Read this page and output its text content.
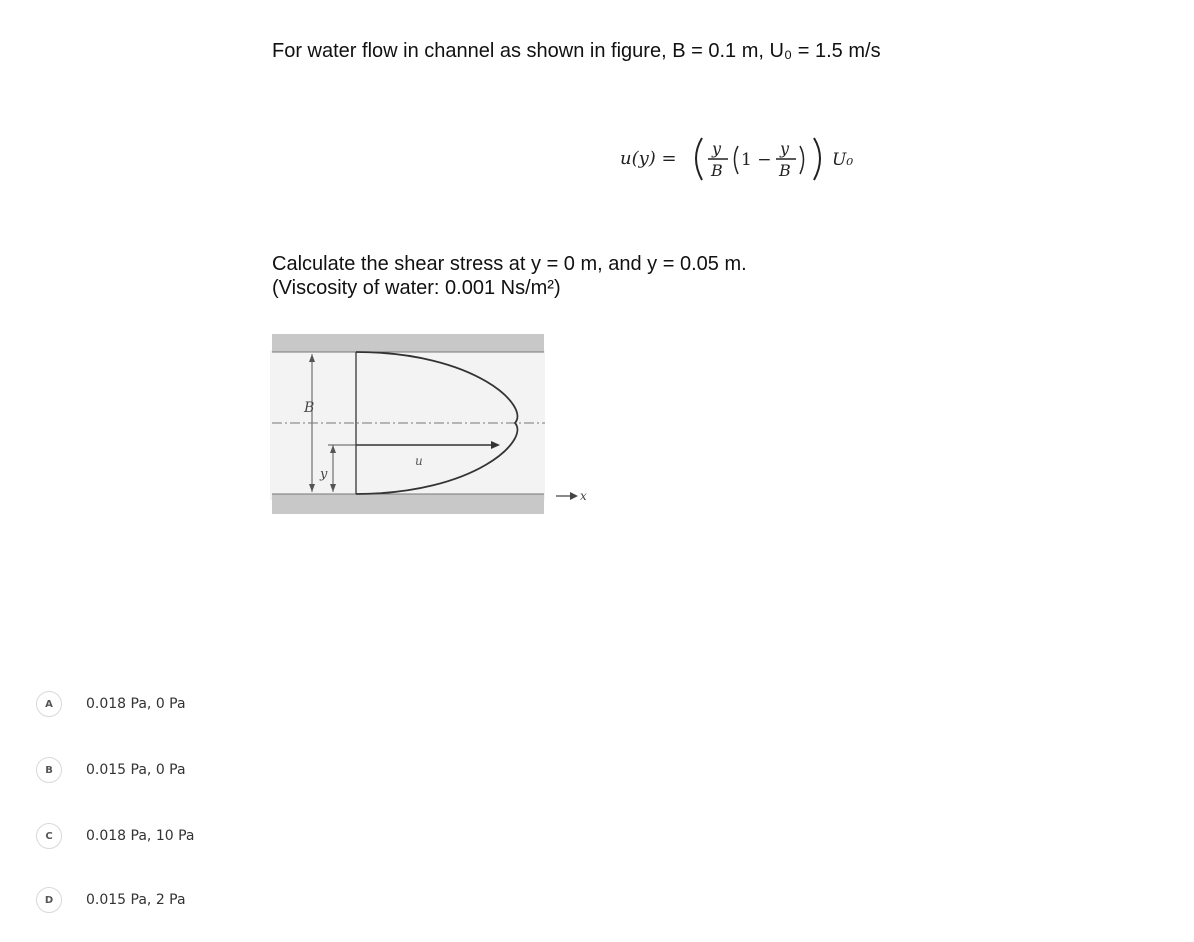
For water flow in channel as shown in figure, B = 0.1 m, U₀ = 1.5 m/s
u(y) = y
B
1 −
y
B
U₀
Calculate the shear stress at y = 0 m, and y = 0.05 m.
(Viscosity of water: 0.001 Ns/m²)
B
u
y
x
A	0.018 Pa, 0 Pa
B	0.015 Pa, 0 Pa
C	0.018 Pa, 10 Pa
D	0.015 Pa, 2 Pa
